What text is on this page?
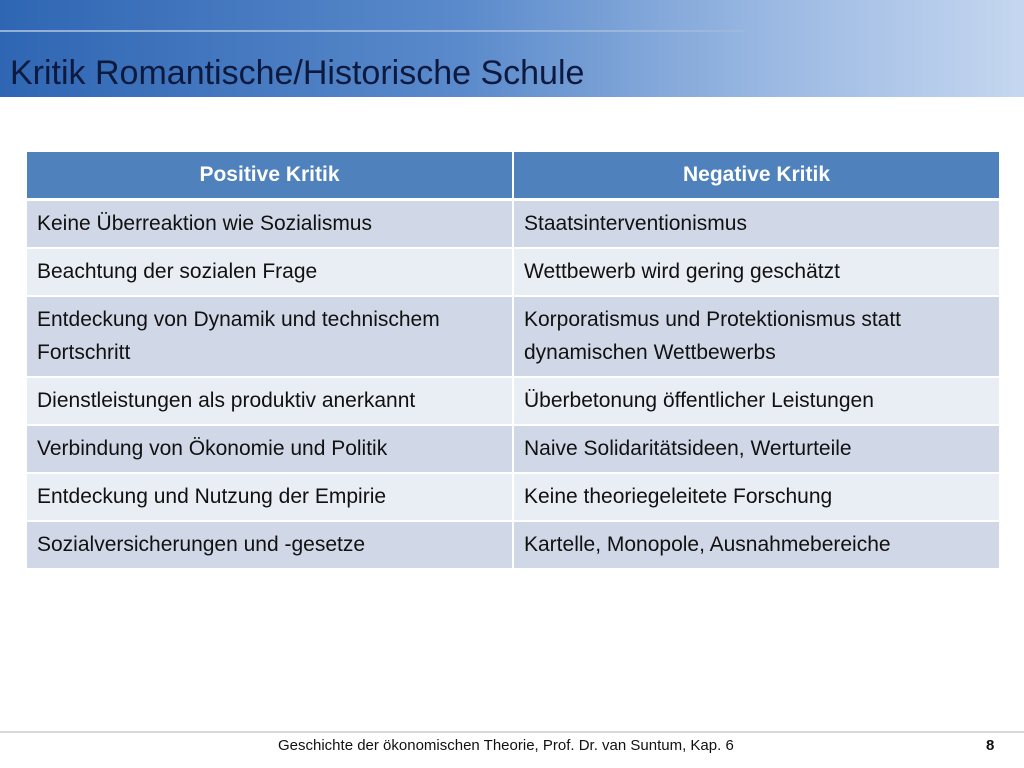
Kritik Romantische/Historische Schule
Positive Kritik	Negative Kritik
Keine Überreaktion wie Sozialismus	Staatsinterventionismus
Beachtung der sozialen Frage	Wettbewerb wird gering geschätzt
Entdeckung von Dynamik und technischem Fortschritt	Korporatismus und Protektionismus statt dynamischen Wettbewerbs
Dienstleistungen als produktiv anerkannt	Überbetonung öffentlicher Leistungen
Verbindung von Ökonomie und Politik	Naive Solidaritätsideen, Werturteile
Entdeckung und Nutzung der Empirie	Keine theoriegeleitete Forschung
Sozialversicherungen und -gesetze	Kartelle, Monopole, Ausnahmebereiche
Geschichte der ökonomischen Theorie, Prof. Dr. van Suntum, Kap. 6	8
